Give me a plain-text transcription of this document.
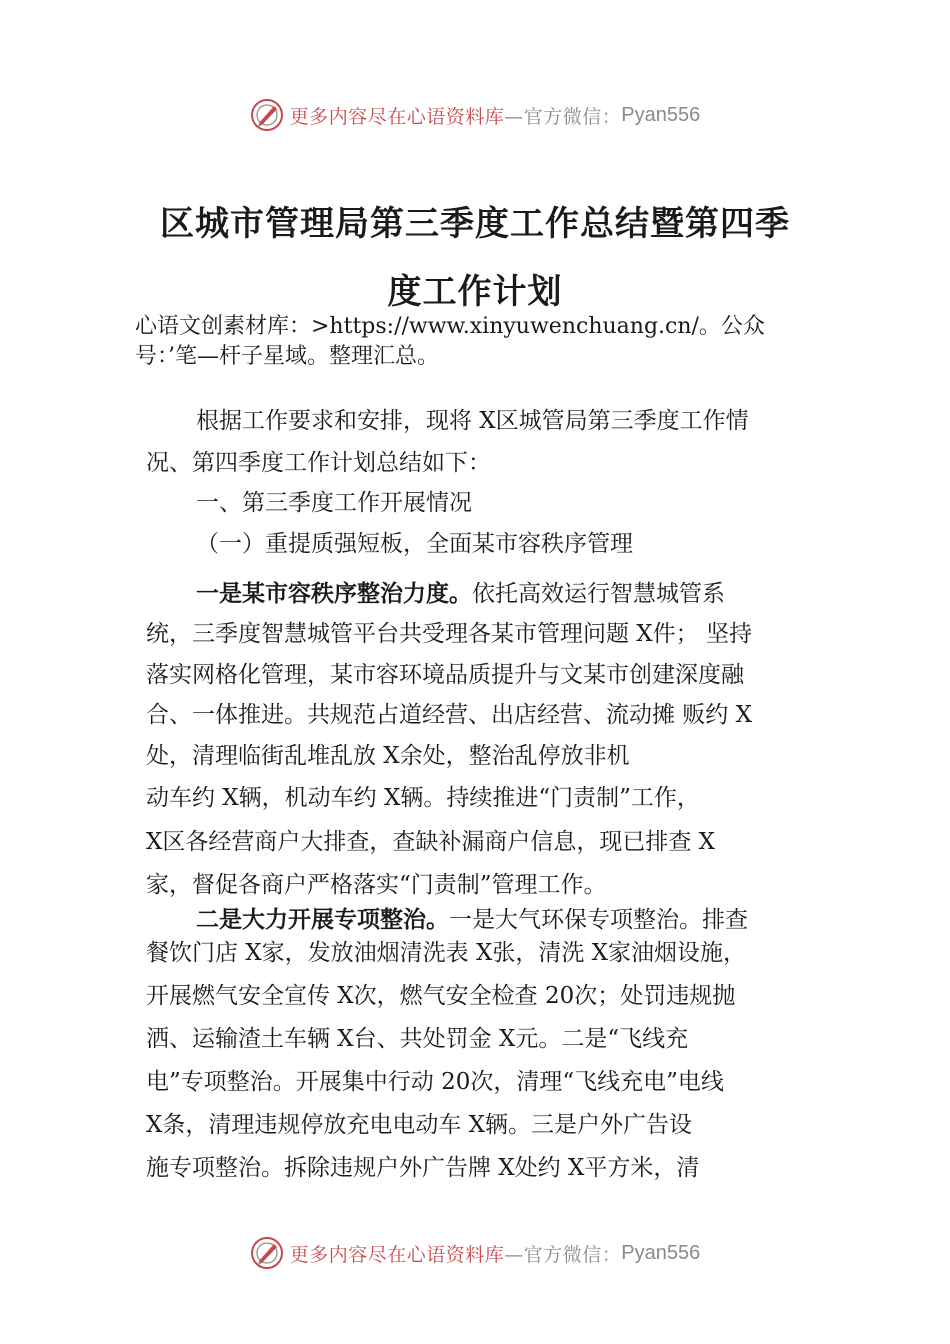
更多内容尽在心语资料库 —官方微信： Pyan556
区城市管理局第三季度工作总结暨第四季
度工作计划
心语文创素材库：>https://www.xinyuwenchuang.cn/。公众
号：’笔—杆子星域。整理汇总。
根据工作要求和安排，现将 X区城管局第三季度工作情
况、第四季度工作计划总结如下：
一、第三季度工作开展情况
（一）重提质强短板，全面某市容秩序管理
一是某市容秩序整治力度。依托高效运行智慧城管系
统，三季度智慧城管平台共受理各某市管理问题 X件； 坚持
落实网格化管理，某市容环境品质提升与文某市创建深度融
合、一体推进。共规范占道经营、出店经营、流动摊 贩约 X
处，清理临街乱堆乱放 X余处，整治乱停放非机
动车约 X辆，机动车约 X辆。持续推进“门责制”工作，
X区各经营商户大排查，查缺补漏商户信息，现已排查 X
家，督促各商户严格落实“门责制”管理工作。
二是大力开展专项整治。一是大气环保专项整治。排查
餐饮门店 X家，发放油烟清洗表 X张，清洗 X家油烟设施，
开展燃气安全宣传 X次，燃气安全检查 20次；处罚违规抛
洒、运输渣土车辆 X台、共处罚金 X元。二是“飞线充
电”专项整治。开展集中行动 20次，清理“飞线充电”电线
X条，清理违规停放充电电动车 X辆。三是户外广告设
施专项整治。拆除违规户外广告牌 X处约 X平方米，清
更多内容尽在心语资料库 —官方微信： Pyan556
